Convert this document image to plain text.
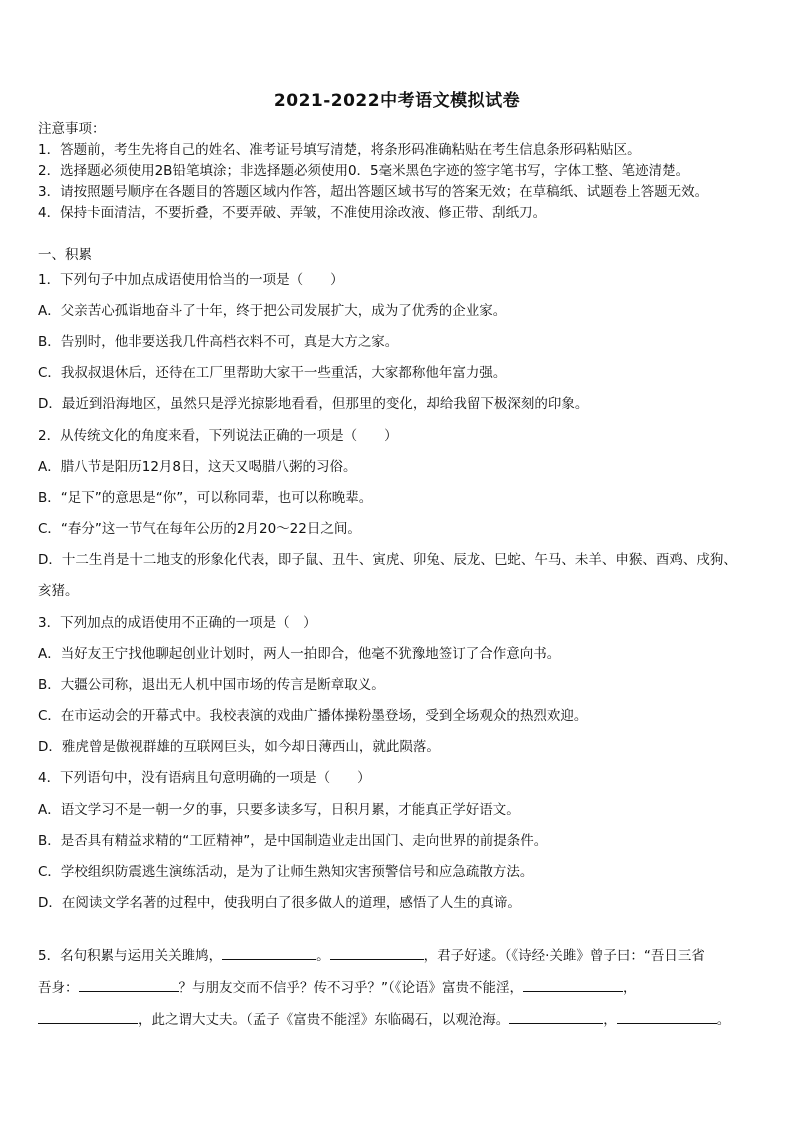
2021-2022中考语文模拟试卷
注意事项：
1．答题前，考生先将自己的姓名、准考证号填写清楚，将条形码准确粘贴在考生信息条形码粘贴区。
2．选择题必须使用2B铅笔填涂；非选择题必须使用0．5毫米黑色字迹的签字笔书写，字体工整、笔迹清楚。
3．请按照题号顺序在各题目的答题区域内作答，超出答题区域书写的答案无效；在草稿纸、试题卷上答题无效。
4．保持卡面清洁，不要折叠，不要弄破、弄皱，不准使用涂改液、修正带、刮纸刀。
一、积累
1．下列句子中加点成语使用恰当的一项是（　　）
A．父亲苦心孤诣地奋斗了十年，终于把公司发展扩大，成为了优秀的企业家。
B．告别时，他非要送我几件高档衣料不可，真是大方之家。
C．我叔叔退休后，还待在工厂里帮助大家干一些重活，大家都称他年富力强。
D．最近到沿海地区，虽然只是浮光掠影地看看，但那里的变化，却给我留下极深刻的印象。
2．从传统文化的角度来看，下列说法正确的一项是（　　）
A．腊八节是阳历12月8日，这天又喝腊八粥的习俗。
B．“足下”的意思是“你”，可以称同辈，也可以称晚辈。
C．“春分”这一节气在每年公历的2月20～22日之间。
D．十二生肖是十二地支的形象化代表，即子鼠、丑牛、寅虎、卯兔、辰龙、巳蛇、午马、未羊、申猴、酉鸡、戌狗、
亥猪。
3．下列加点的成语使用不正确的一项是（　）
A．当好友王宁找他聊起创业计划时，两人一拍即合，他毫不犹豫地签订了合作意向书。
B．大疆公司称，退出无人机中国市场的传言是断章取义。
C．在市运动会的开幕式中。我校表演的戏曲广播体操粉墨登场，受到全场观众的热烈欢迎。
D．雅虎曾是傲视群雄的互联网巨头，如今却日薄西山，就此陨落。
4．下列语句中，没有语病且句意明确的一项是（　　）
A．语文学习不是一朝一夕的事，只要多读多写，日积月累，才能真正学好语文。
B．是否具有精益求精的“工匠精神”，是中国制造业走出国门、走向世界的前提条件。
C．学校组织防震逃生演练活动，是为了让师生熟知灾害预警信号和应急疏散方法。
D．在阅读文学名著的过程中，使我明白了很多做人的道理，感悟了人生的真谛。
5．名句积累与运用关关雎鸠，	。	，君子好逑。（《诗经·关雎》曾子曰：“吾日三省
吾身：	？与朋友交而不信乎？传不习乎？”（《论语》富贵不能淫，	，
，此之谓大丈夫。（孟子《富贵不能淫》东临碣石，以观沧海。	，	。
